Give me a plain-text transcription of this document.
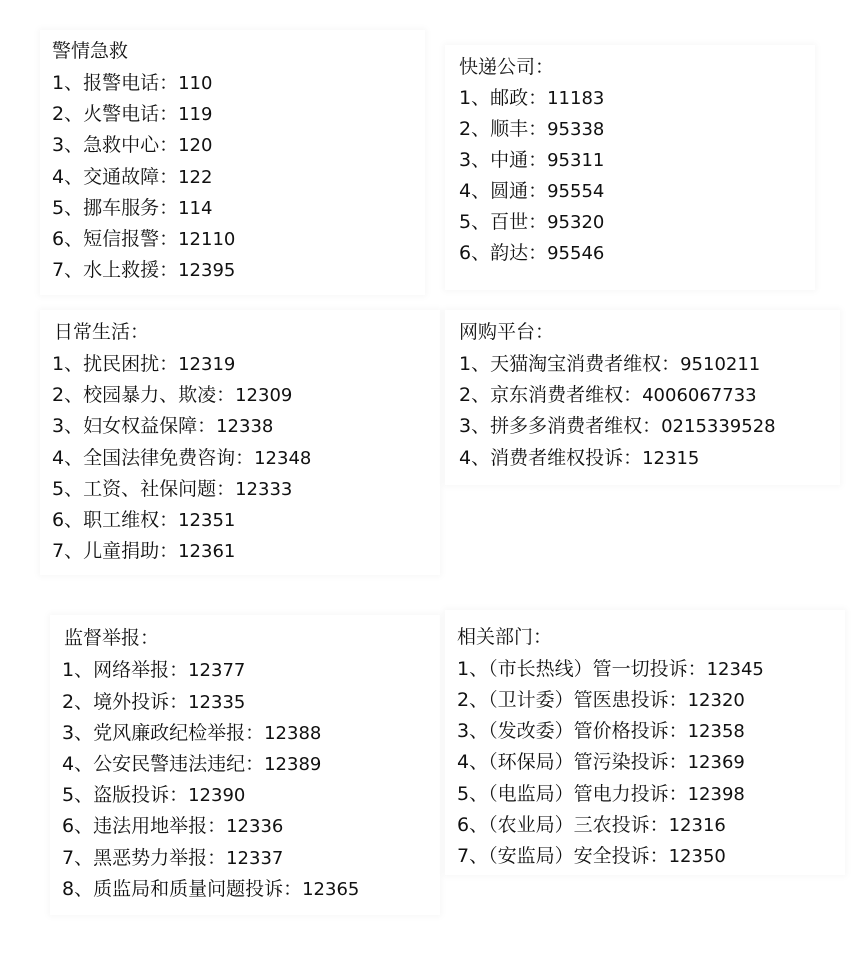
警情急救
1、报警电话：110
2、火警电话：119
3、急救中心：120
4、交通故障：122
5、挪车服务：114
6、短信报警：12110
7、水上救援：12395
快递公司：
1、邮政：11183
2、顺丰：95338
3、中通：95311
4、圆通：95554
5、百世：95320
6、韵达：95546
日常生活：
1、扰民困扰：12319
2、校园暴力、欺凌：12309
3、妇女权益保障：12338
4、全国法律免费咨询：12348
5、工资、社保问题：12333
6、职工维权：12351
7、儿童捐助：12361
网购平台：
1、天猫淘宝消费者维权：9510211
2、京东消费者维权：4006067733
3、拼多多消费者维权：0215339528
4、消费者维权投诉：12315
监督举报：
1、网络举报：12377
2、境外投诉：12335
3、党风廉政纪检举报：12388
4、公安民警违法违纪：12389
5、盗版投诉：12390
6、违法用地举报：12336
7、黑恶势力举报：12337
8、质监局和质量问题投诉：12365
相关部门：
1、（市长热线）管一切投诉：12345
2、（卫计委）管医患投诉：12320
3、（发改委）管价格投诉：12358
4、（环保局）管污染投诉：12369
5、（电监局）管电力投诉：12398
6、（农业局）三农投诉：12316
7、（安监局）安全投诉：12350
